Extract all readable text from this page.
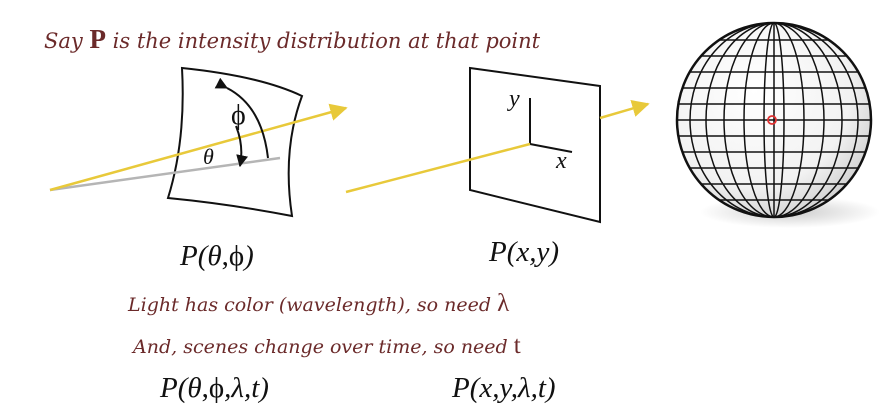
Say P is the intensity distribution at that point
ϕ
θ
y
x
P(θ,ϕ)	P(x,y)
Light has color (wavelength), so need λ
And, scenes change over time, so need t
P(θ,ϕ,λ,t)	P(x,y,λ,t)
